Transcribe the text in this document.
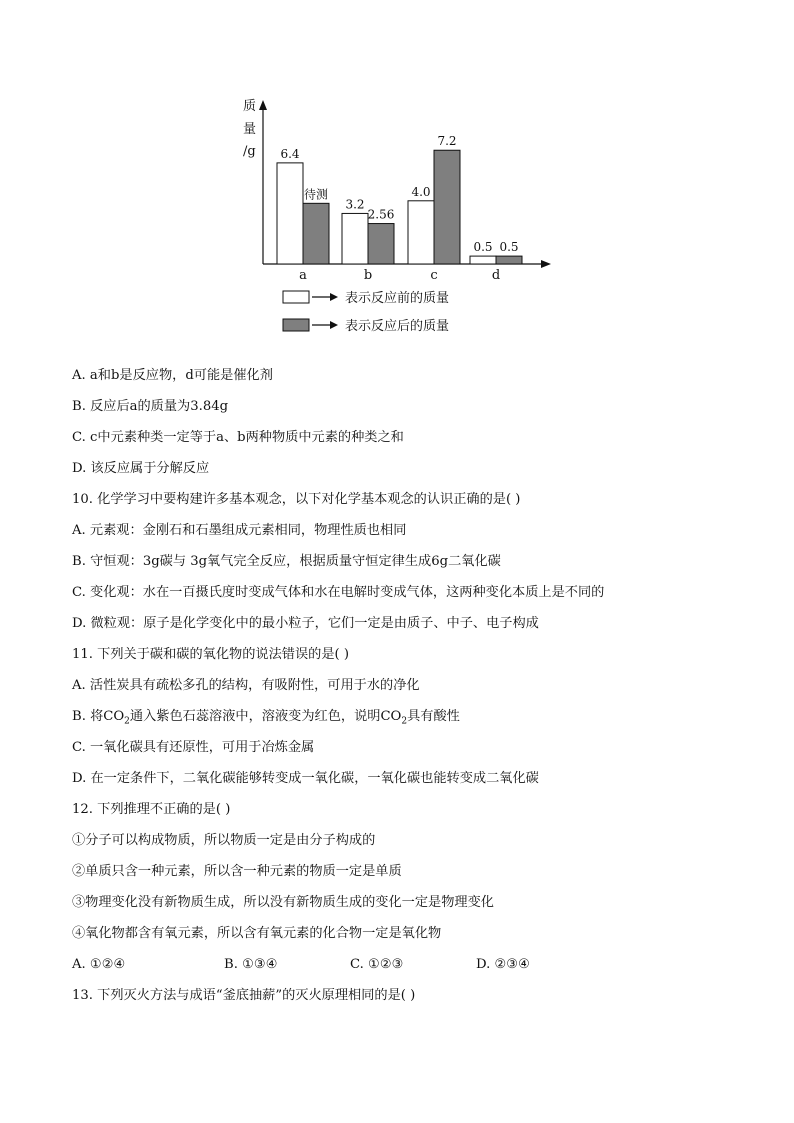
质
量
/g 6.4
待测
a
3.2
2.56
b
4.0
7.2
c
0.5 0.5
d
表示反应前的质量
表示反应后的质量
A. a和b是反应物，d可能是催化剂
B. 反应后a的质量为3.84g
C. c中元素种类一定等于a、b两种物质中元素的种类之和
D. 该反应属于分解反应
10. 化学学习中要构建许多基本观念，以下对化学基本观念的认识正确的是( )
A. 元素观：金刚石和石墨组成元素相同，物理性质也相同
B. 守恒观：3g碳与 3g氧气完全反应，根据质量守恒定律生成6g二氧化碳
C. 变化观：水在一百摄氏度时变成气体和水在电解时变成气体，这两种变化本质上是不同的
D. 微粒观：原子是化学变化中的最小粒子，它们一定是由质子、中子、电子构成
11. 下列关于碳和碳的氧化物的说法错误的是( )
A. 活性炭具有疏松多孔的结构，有吸附性，可用于水的净化
B. 将$CO_2$通入紫色石蕊溶液中，溶液变为红色，说明$CO_2$具有酸性
C. 一氧化碳具有还原性，可用于冶炼金属
D. 在一定条件下，二氧化碳能够转变成一氧化碳，一氧化碳也能转变成二氧化碳
12. 下列推理不正确的是( )
①分子可以构成物质，所以物质一定是由分子构成的
②单质只含一种元素，所以含一种元素的物质一定是单质
③物理变化没有新物质生成，所以没有新物质生成的变化一定是物理变化
④氧化物都含有氧元素，所以含有氧元素的化合物一定是氧化物
A. ①②④	B. ①③④	C. ①②③	D. ②③④
13. 下列灭火方法与成语“釜底抽薪”的灭火原理相同的是( )
